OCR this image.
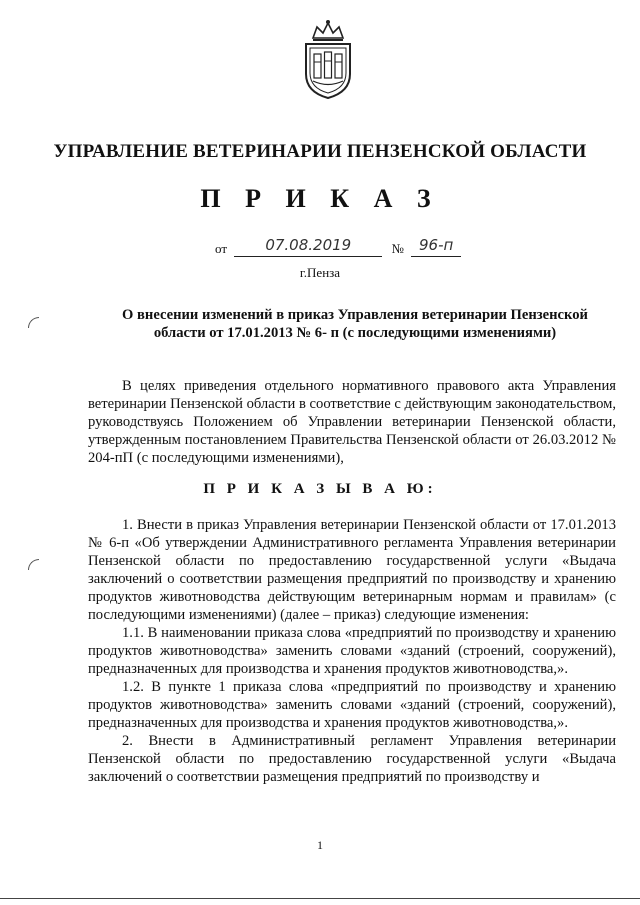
УПРАВЛЕНИЕ ВЕТЕРИНАРИИ ПЕНЗЕНСКОЙ ОБЛАСТИ
П Р И К А З
от	07.08.2019	№ 96-п
г.Пенза
О внесении изменений в приказ Управления ветеринарии Пензенской области от 17.01.2013 № 6- п (с последующими изменениями)

В целях приведения отдельного нормативного правового акта Управления ветеринарии Пензенской области в соответствие с действующим законодательством, руководствуясь Положением об Управлении ветеринарии Пензенской области, утвержденным постановлением Правительства Пензенской области от 26.03.2012 № 204-пП (с последующими изменениями),

П Р И К А З Ы В А Ю:

1. Внести в приказ Управления ветеринарии Пензенской области от 17.01.2013 № 6-п «Об утверждении Административного регламента Управления ветеринарии Пензенской области по предоставлению государственной услуги «Выдача заключений о соответствии размещения предприятий по производству и хранению продуктов животноводства действующим ветеринарным нормам и правилам» (с последующими изменениями) (далее – приказ) следующие изменения:

1.1. В наименовании приказа слова «предприятий по производству и хранению продуктов животноводства» заменить словами «зданий (строений, сооружений), предназначенных для производства и хранения продуктов животноводства,».

1.2. В пункте 1 приказа слова «предприятий по производству и хранению продуктов животноводства» заменить словами «зданий (строений, сооружений), предназначенных для производства и хранения продуктов животноводства,».

2. Внести в Административный регламент Управления ветеринарии Пензенской области по предоставлению государственной услуги «Выдача заключений о соответствии размещения предприятий по производству и

1
